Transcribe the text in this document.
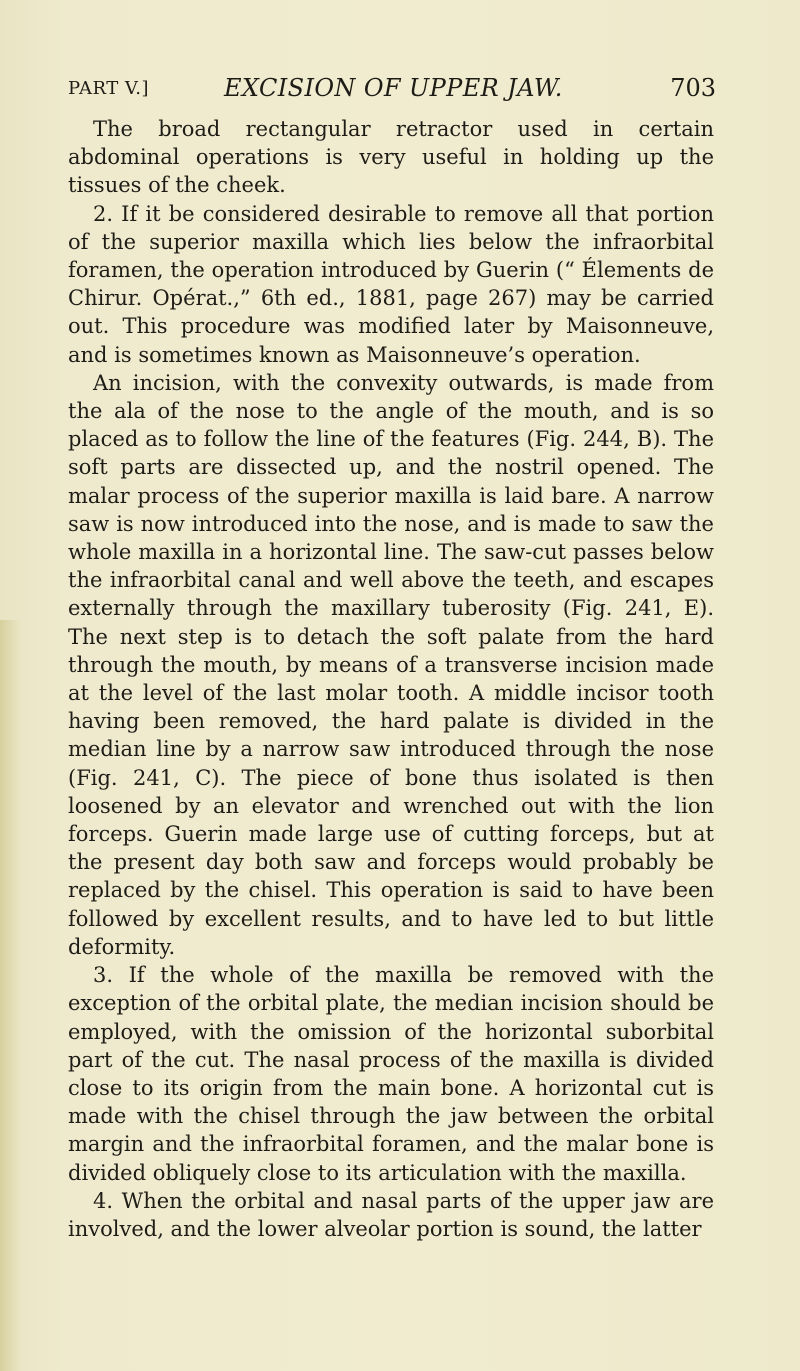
PART V.]	EXCISION OF UPPER JAW.	703

The broad rectangular retractor used in certain abdominal operations is very useful in holding up the tissues of the cheek.

2. If it be considered desirable to remove all that portion of the superior maxilla which lies below the infraorbital foramen, the operation introduced by Guerin (“ Élements de Chirur. Opérat.,” 6th ed., 1881, page 267) may be carried out. This procedure was modified later by Maisonneuve, and is sometimes known as Maisonneuve’s operation.

An incision, with the convexity outwards, is made from the ala of the nose to the angle of the mouth, and is so placed as to follow the line of the features (Fig. 244, B). The soft parts are dissected up, and the nostril opened. The malar process of the superior maxilla is laid bare. A narrow saw is now introduced into the nose, and is made to saw the whole maxilla in a horizontal line. The saw-cut passes below the infraorbital canal and well above the teeth, and escapes externally through the maxillary tuberosity (Fig. 241, E). The next step is to detach the soft palate from the hard through the mouth, by means of a transverse incision made at the level of the last molar tooth. A middle incisor tooth having been removed, the hard palate is divided in the median line by a narrow saw introduced through the nose (Fig. 241, C). The piece of bone thus isolated is then loosened by an elevator and wrenched out with the lion forceps. Guerin made large use of cutting forceps, but at the present day both saw and forceps would probably be replaced by the chisel. This operation is said to have been followed by excellent results, and to have led to but little deformity.

3. If the whole of the maxilla be removed with the exception of the orbital plate, the median incision should be employed, with the omission of the horizontal suborbital part of the cut. The nasal process of the maxilla is divided close to its origin from the main bone. A horizontal cut is made with the chisel through the jaw between the orbital margin and the infraorbital foramen, and the malar bone is divided obliquely close to its articulation with the maxilla.

4. When the orbital and nasal parts of the upper jaw are involved, and the lower alveolar portion is sound, the latter
